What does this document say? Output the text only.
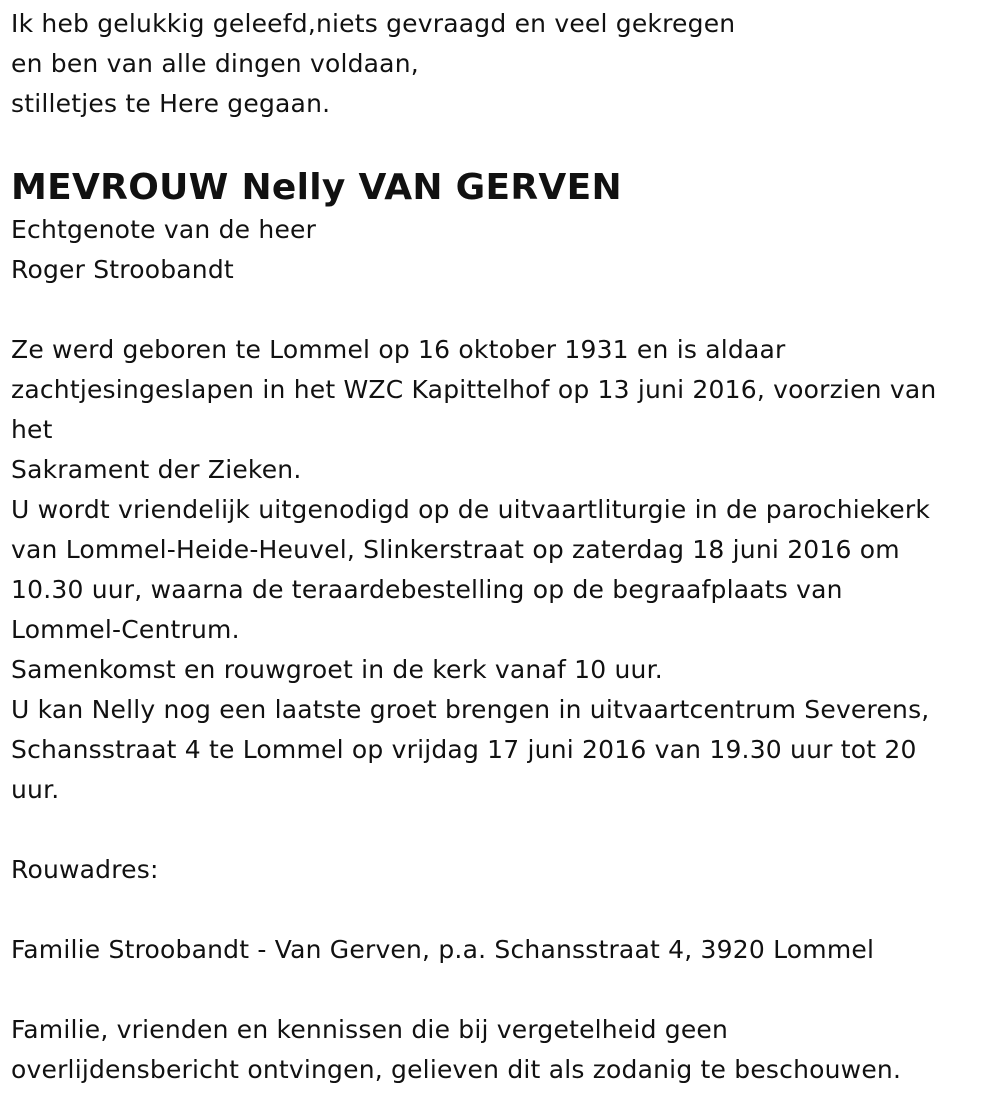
Ik heb gelukkig geleefd,niets gevraagd en veel gekregen
en ben van alle dingen voldaan,
stilletjes te Here gegaan.
MEVROUW Nelly VAN GERVEN
Echtgenote van de heer
Roger Stroobandt
Ze werd geboren te Lommel op 16 oktober 1931 en is aldaar
zachtjesingeslapen in het WZC Kapittelhof op 13 juni 2016, voorzien van
het
Sakrament der Zieken.
U wordt vriendelijk uitgenodigd op de uitvaartliturgie in de parochiekerk
van Lommel-Heide-Heuvel, Slinkerstraat op zaterdag 18 juni 2016 om
10.30 uur, waarna de teraardebestelling op de begraafplaats van
Lommel-Centrum.
Samenkomst en rouwgroet in de kerk vanaf 10 uur.
U kan Nelly nog een laatste groet brengen in uitvaartcentrum Severens,
Schansstraat 4 te Lommel op vrijdag 17 juni 2016 van 19.30 uur tot 20
uur.
Rouwadres:
Familie Stroobandt - Van Gerven, p.a. Schansstraat 4, 3920 Lommel
Familie, vrienden en kennissen die bij vergetelheid geen
overlijdensbericht ontvingen, gelieven dit als zodanig te beschouwen.
